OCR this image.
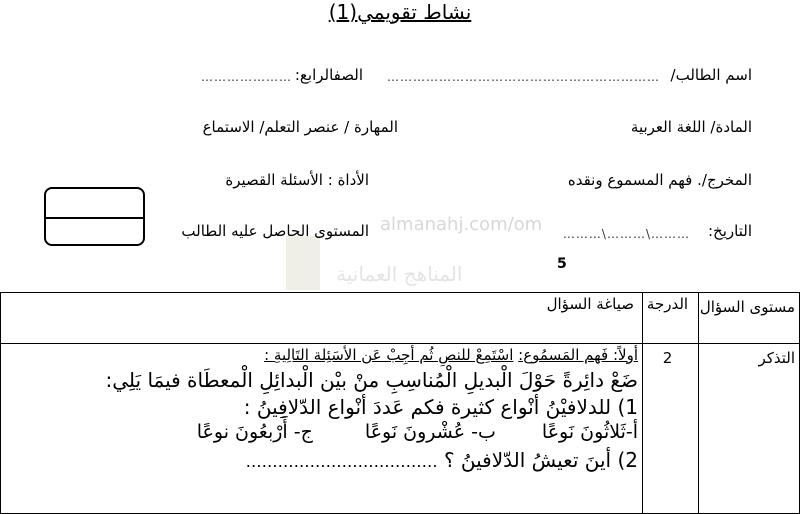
نشاط تقويمي(1)
اسم الطالب/
………………………………………………………
الصفالرابع:
…………………
المادة/ اللغة العربية
المهارة / عنصر التعلم/ الاستماع
المخرج/. فهم المسموع ونقده
الأداة : الأسئلة القصيرة
almanahj.com/om
المناهج العمانية
التاريخ:
………\………\………
المستوى الحاصل عليه الطالب
5
مستوى السؤال	الدرجة	صياغة السؤال

التذكر	2	أولاً: فَهم المَسمُوع: اسْتَمِعْ للنصِ ثُم أجِبْ عَن الأسَئِلة التَالِيةِ :
ضَعْ دائِرةً حَوْلَ الْبديلِ الْمُناسِبِ منْ بيْن الْبدائِلِ الْمعطَاة فيمَا يَلِي:
1) للدلافيْنُ أنْواع كثيرة فكم عَددَ أنْواع الدّلافِينُ :
أ-ثَلاثُونَ نَوعًا ب- عُشْرونَ نَوعًا ج- أَرْبعُونَ نوعًا
2) أينَ تعيشُ الدّلافينُ ؟ ………………………………
